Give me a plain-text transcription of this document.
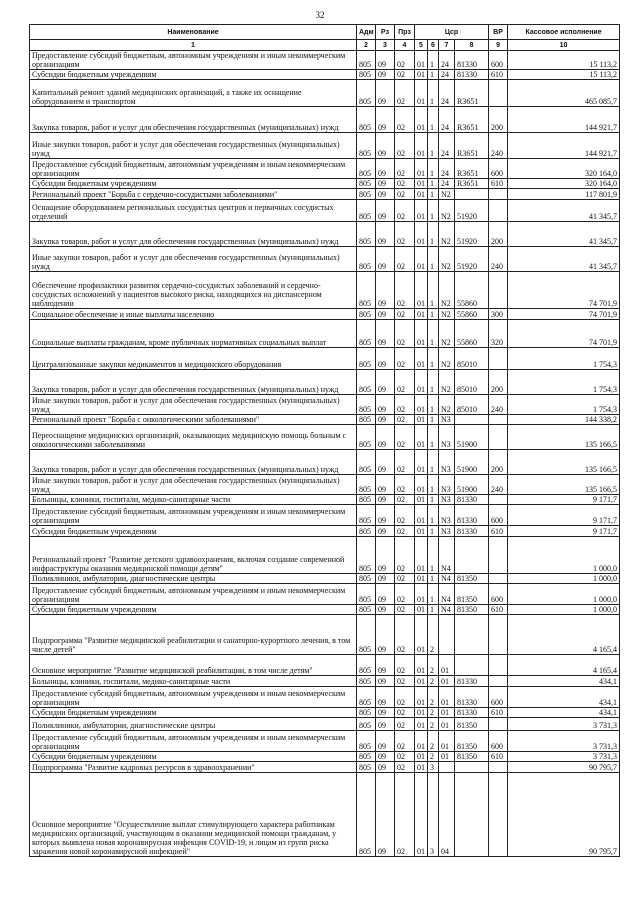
32
Наименование	Адм	Рз	Прз	Цср				ВР	Кассовое исполнение
1	2	3	4	5	6	7	8	9	10
Предоставление субсидий бюджетным, автономным учреждениям и иным некоммерческим организациям	805	09	02	01	1	24	81330	600	15 113,2
Субсидии бюджетным учреждениям	805	09	02	01	1	24	81330	610	15 113,2
Капитальный ремонт зданий медицинских организаций, а также их оснащение оборудованием и транспортом	805	09	02	01	1	24	R3651		465 085,7
Закупка товаров, работ и услуг для обеспечения государственных (муниципальных) нужд	805	09	02	01	1	24	R3651	200	144 921,7
Иные закупки товаров, работ и услуг для обеспечения государственных (муниципальных) нужд	805	09	02	01	1	24	R3651	240	144 921,7
Предоставление субсидий бюджетным, автономным учреждениям и иным некоммерческим организациям	805	09	02	01	1	24	R3651	600	320 164,0
Субсидии бюджетным учреждениям	805	09	02	01	1	24	R3651	610	320 164,0
Региональный проект "Борьба с сердечно-сосудистыми заболеваниями"	805	09	02	01	1	N2			117 801,9
Оснащение оборудованием региональных сосудистых центров и первичных сосудистых отделений	805	09	02	01	1	N2	51920		41 345,7
Закупка товаров, работ и услуг для обеспечения государственных (муниципальных) нужд	805	09	02	01	1	N2	51920	200	41 345,7
Иные закупки товаров, работ и услуг для обеспечения государственных (муниципальных) нужд	805	09	02	01	1	N2	51920	240	41 345,7
Обеспечение профилактики развития сердечно-сосудистых заболеваний и сердечно-сосудистых осложнений у пациентов высокого риска, находящихся на диспансерном наблюдении	805	09	02	01	1	N2	55860		74 701,9
Социальное обеспечение и иные выплаты населению	805	09	02	01	1	N2	55860	300	74 701,9
Социальные выплаты гражданам, кроме публичных нормативных социальных выплат	805	09	02	01	1	N2	55860	320	74 701,9
Централизованные закупки медикаментов и медицинского оборудования	805	09	02	01	1	N2	85010		1 754,3
Закупка товаров, работ и услуг для обеспечения государственных (муниципальных) нужд	805	09	02	01	1	N2	85010	200	1 754,3
Иные закупки товаров, работ и услуг для обеспечения государственных (муниципальных) нужд	805	09	02	01	1	N2	85010	240	1 754,3
Региональный проект "Борьба с онкологическими заболеваниями"	805	09	02	01	1	N3			144 338,2
Переоснащение медицинских организаций, оказывающих медицинскую помощь больным с онкологическими заболеваниями	805	09	02	01	1	N3	51900		135 166,5
Закупка товаров, работ и услуг для обеспечения государственных (муниципальных) нужд	805	09	02	01	1	N3	51900	200	135 166,5
Иные закупки товаров, работ и услуг для обеспечения государственных (муниципальных) нужд	805	09	02	01	1	N3	51900	240	135 166,5
Больницы, клиники, госпитали, медико-санитарные части	805	09	02	01	1	N3	81330		9 171,7
Предоставление субсидий бюджетным, автономным учреждениям и иным некоммерческим организациям	805	09	02	01	1	N3	81330	600	9 171,7
Субсидии бюджетным учреждениям	805	09	02	01	1	N3	81330	610	9 171,7
Региональный проект "Развитие детского здравоохранения, включая создание современной инфраструктуры оказания медицинской помощи детям"	805	09	02	01	1	N4			1 000,0
Поликлиники, амбулатории, диагностические центры	805	09	02	01	1	N4	81350		1 000,0
Предоставление субсидий бюджетным, автономным учреждениям и иным некоммерческим организациям	805	09	02	01	1	N4	81350	600	1 000,0
Субсидии бюджетным учреждениям	805	09	02	01	1	N4	81350	610	1 000,0
Подпрограмма "Развитие медицинской реабилитации и санаторно-курортного лечения, в том числе детей"	805	09	02	01	2				4 165,4
Основное мероприятие "Развитие медицинской реабилитации, в том числе детям"	805	09	02	01	2	01			4 165,4
Больницы, клиники, госпитали, медико-санитарные части	805	09	02	01	2	01	81330		434,1
Предоставление субсидий бюджетным, автономным учреждениям и иным некоммерческим организациям	805	09	02	01	2	01	81330	600	434,1
Субсидии бюджетным учреждениям	805	09	02	01	2	01	81330	610	434,1
Поликлиники, амбулатории, диагностические центры	805	09	02	01	2	01	81350		3 731,3
Предоставление субсидий бюджетным, автономным учреждениям и иным некоммерческим организациям	805	09	02	01	2	01	81350	600	3 731,3
Субсидии бюджетным учреждениям	805	09	02	01	2	01	81350	610	3 731,3
Подпрограмма "Развитие кадровых ресурсов в здравоохранении"	805	09	02	01	3				90 795,7
Основное мероприятие "Осуществление выплат стимулирующего характера работникам медицинских организаций, участвующим в оказании медицинской помощи гражданам, у которых выявлена новая коронавирусная инфекция COVID-19, и лицам из групп риска заражения новой коронавирусной инфекцией"	805	09	02	01	3	04			90 795,7
